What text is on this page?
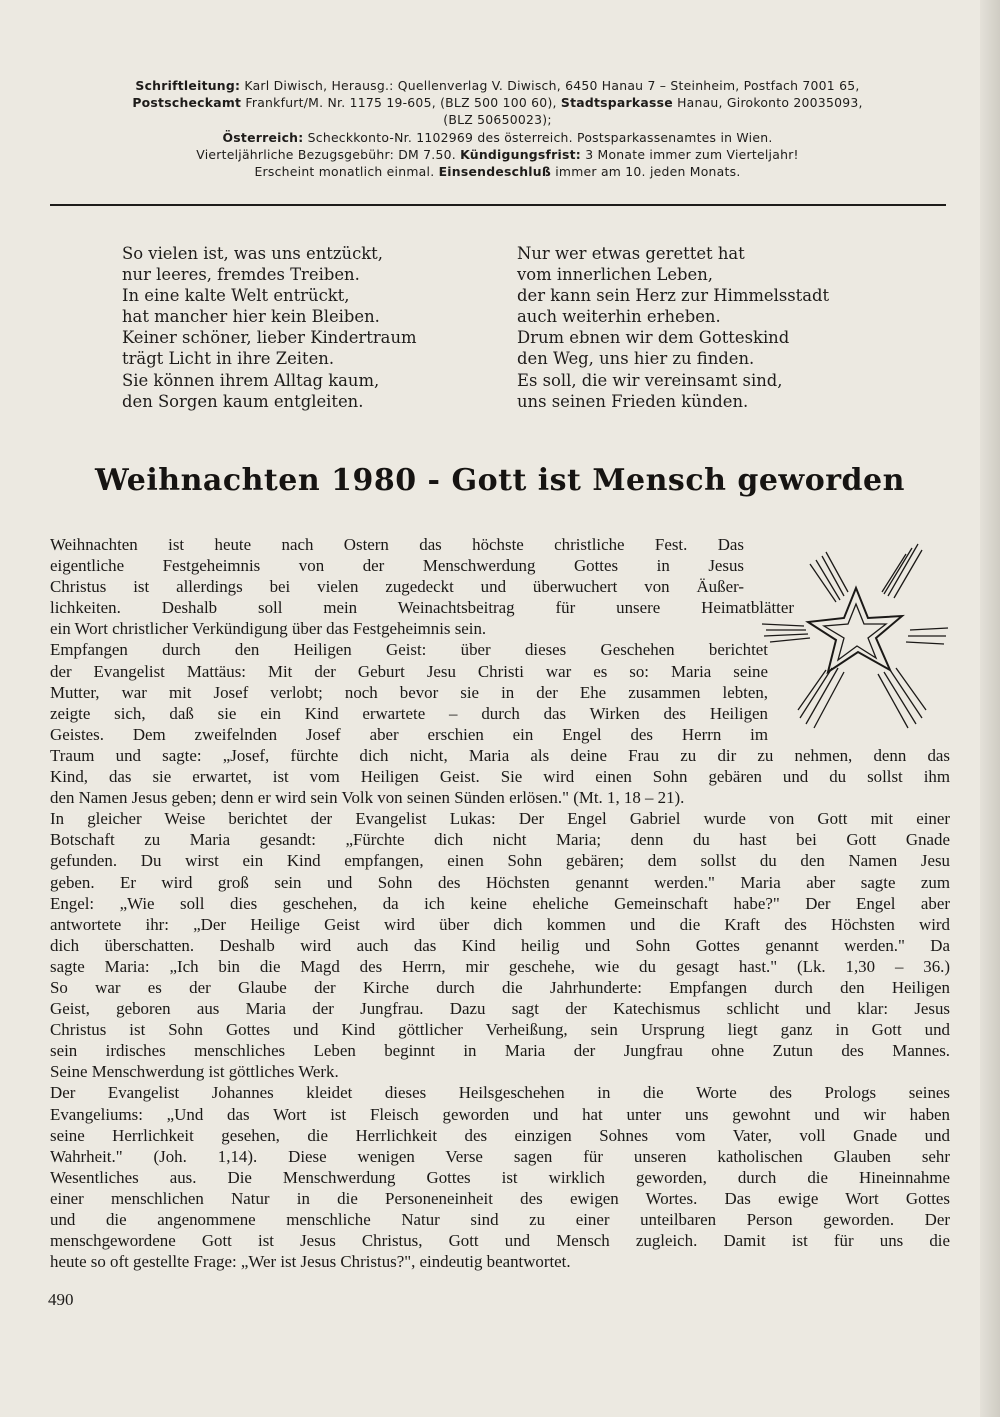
Schriftleitung: Karl Diwisch, Herausg.: Quellenverlag V. Diwisch, 6450 Hanau 7 – Steinheim, Postfach 7001 65,
Postscheckamt Frankfurt/M. Nr. 1175 19-605, (BLZ 500 100 60), Stadtsparkasse Hanau, Girokonto 20035093,
(BLZ 50650023);
Österreich: Scheckkonto-Nr. 1102969 des österreich. Postsparkassenamtes in Wien.
Vierteljährliche Bezugsgebühr: DM 7.50. Kündigungsfrist: 3 Monate immer zum Vierteljahr!
Erscheint monatlich einmal. Einsendeschluß immer am 10. jeden Monats.
So vielen ist, was uns entzückt,
nur leeres, fremdes Treiben.
In eine kalte Welt entrückt,
hat mancher hier kein Bleiben.
Keiner schöner, lieber Kindertraum
trägt Licht in ihre Zeiten.
Sie können ihrem Alltag kaum,
den Sorgen kaum entgleiten.
Nur wer etwas gerettet hat
vom innerlichen Leben,
der kann sein Herz zur Himmelsstadt
auch weiterhin erheben.
Drum ebnen wir dem Gotteskind
den Weg, uns hier zu finden.
Es soll, die wir vereinsamt sind,
uns seinen Frieden künden.
Weihnachten 1980 - Gott ist Mensch geworden
Weihnachten ist heute nach Ostern das höchste christliche Fest. Das
eigentliche Festgeheimnis von der Menschwerdung Gottes in Jesus
Christus ist allerdings bei vielen zugedeckt und überwuchert von Äußer-
lichkeiten. Deshalb soll mein Weinachtsbeitrag für unsere Heimatblätter
ein Wort christlicher Verkündigung über das Festgeheimnis sein.
Empfangen durch den Heiligen Geist: über dieses Geschehen berichtet
der Evangelist Mattäus: Mit der Geburt Jesu Christi war es so: Maria seine
Mutter, war mit Josef verlobt; noch bevor sie in der Ehe zusammen lebten,
zeigte sich, daß sie ein Kind erwartete – durch das Wirken des Heiligen
Geistes. Dem zweifelnden Josef aber erschien ein Engel des Herrn im
Traum und sagte: „Josef, fürchte dich nicht, Maria als deine Frau zu dir zu nehmen, denn das
Kind, das sie erwartet, ist vom Heiligen Geist. Sie wird einen Sohn gebären und du sollst ihm
den Namen Jesus geben; denn er wird sein Volk von seinen Sünden erlösen." (Mt. 1, 18 – 21).
In gleicher Weise berichtet der Evangelist Lukas: Der Engel Gabriel wurde von Gott mit einer
Botschaft zu Maria gesandt: „Fürchte dich nicht Maria; denn du hast bei Gott Gnade
gefunden. Du wirst ein Kind empfangen, einen Sohn gebären; dem sollst du den Namen Jesu
geben. Er wird groß sein und Sohn des Höchsten genannt werden." Maria aber sagte zum
Engel: „Wie soll dies geschehen, da ich keine eheliche Gemeinschaft habe?" Der Engel aber
antwortete ihr: „Der Heilige Geist wird über dich kommen und die Kraft des Höchsten wird
dich überschatten. Deshalb wird auch das Kind heilig und Sohn Gottes genannt werden." Da
sagte Maria: „Ich bin die Magd des Herrn, mir geschehe, wie du gesagt hast." (Lk. 1,30 – 36.)
So war es der Glaube der Kirche durch die Jahrhunderte: Empfangen durch den Heiligen
Geist, geboren aus Maria der Jungfrau. Dazu sagt der Katechismus schlicht und klar: Jesus
Christus ist Sohn Gottes und Kind göttlicher Verheißung, sein Ursprung liegt ganz in Gott und
sein irdisches menschliches Leben beginnt in Maria der Jungfrau ohne Zutun des Mannes.
Seine Menschwerdung ist göttliches Werk.
Der Evangelist Johannes kleidet dieses Heilsgeschehen in die Worte des Prologs seines
Evangeliums: „Und das Wort ist Fleisch geworden und hat unter uns gewohnt und wir haben
seine Herrlichkeit gesehen, die Herrlichkeit des einzigen Sohnes vom Vater, voll Gnade und
Wahrheit." (Joh. 1,14). Diese wenigen Verse sagen für unseren katholischen Glauben sehr
Wesentliches aus. Die Menschwerdung Gottes ist wirklich geworden, durch die Hineinnahme
einer menschlichen Natur in die Personeneinheit des ewigen Wortes. Das ewige Wort Gottes
und die angenommene menschliche Natur sind zu einer unteilbaren Person geworden. Der
menschgewordene Gott ist Jesus Christus, Gott und Mensch zugleich. Damit ist für uns die
heute so oft gestellte Frage: „Wer ist Jesus Christus?", eindeutig beantwortet.
490
